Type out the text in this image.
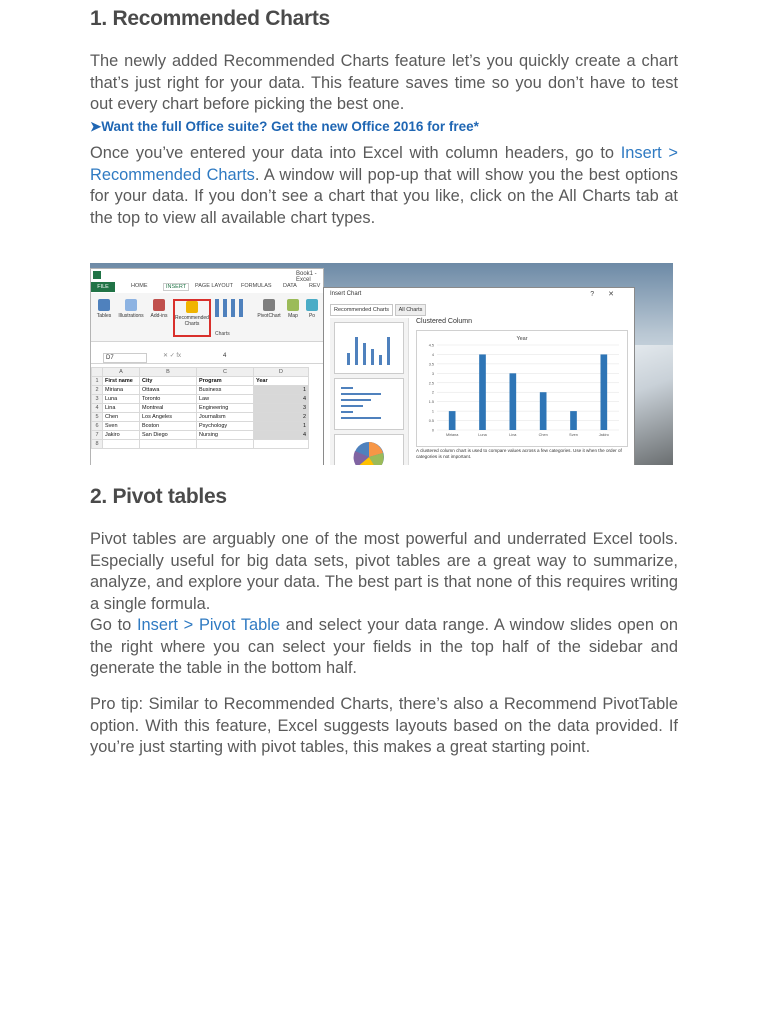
1. Recommended Charts

The newly added Recommended Charts feature let’s you quickly create a chart that’s just right for your data. This feature saves time so you don’t have to test out every chart before picking the best one.

➤Want the full Office suite? Get the new Office 2016 for free*

Once you’ve entered your data into Excel with column headers, go to Insert > Recommended Charts. A window will pop-up that will show you the best options for your data. If you don’t see a chart that you like, click on the All Charts tab at the top to view all available chart types.

2. Pivot tables

Pivot tables are arguably one of the most powerful and underrated Excel tools. Especially useful for big data sets, pivot tables are a great way to summarize, analyze, and explore your data. The best part is that none of this requires writing a single formula.

Go to Insert > Pivot Table and select your data range. A window slides open on the right where you can select your fields in the top half of the sidebar and generate the table in the bottom half.

Pro tip: Similar to Recommended Charts, there’s also a Recommend PivotTable option. With this feature, Excel suggests layouts based on the data provided. If you’re just starting with pivot tables, this makes a great starting point.

Book1 - Excel
FILE	HOME	INSERT	PAGE LAYOUT FORMULAS DATA REV
Tables	Illustrations	Add-ins	Recommended Charts
PivotChart	Map	Po
Charts
D7	✕ ✓ fx	4
	A	B	C	D
1	First name	City	Program	Year
2	Miriana	Ottawa	Business	1
3	Luna	Toronto	Law	4
4	Lina	Montreal	Engineering	3
5	Chen	Los Angeles	Journalism	2
6	Sven	Boston	Psychology	1
7	Jakiro	San Diego	Nursing	4
8				
Insert Chart	?✕
Recommended Charts All Charts
Clustered Column
Year
0
0.5
1
1.5
2
2.5
3
3.5
4
4.5
Miriana	Luna	Lina	Chen	Sven	Jakiro
A clustered column chart is used to compare values across a few categories. Use it when the order of categories is not important.
